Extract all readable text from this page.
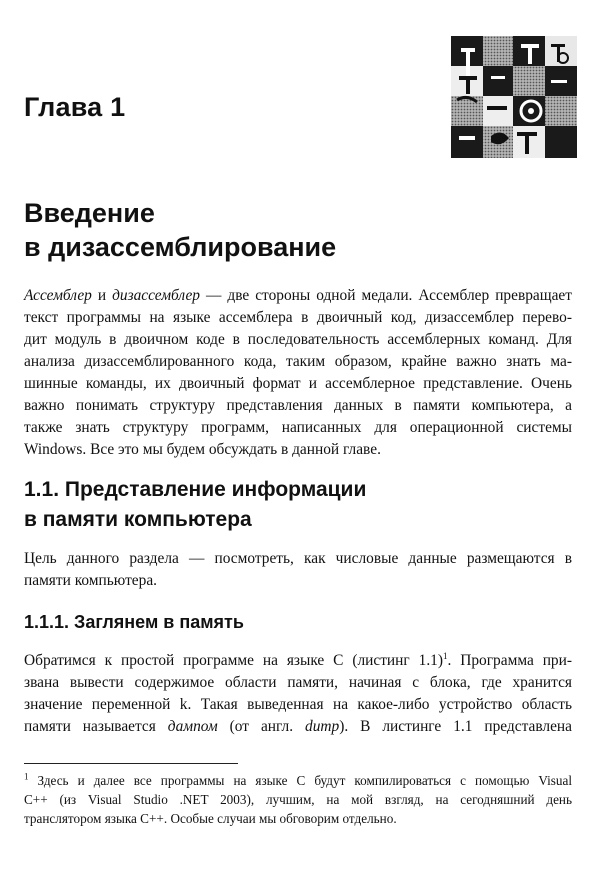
Глава 1
Введение
в дизассемблирование

Ассемблер и дизассемблер — две стороны одной медали. Ассемблер превращает
текст программы на языке ассемблера в двоичный код, дизассемблер перево-
дит модуль в двоичном коде в последовательность ассемблерных команд. Для
анализа дизассемблированного кода, таким образом, крайне важно знать ма-
шинные команды, их двоичный формат и ассемблерное представление. Очень
важно понимать структуру представления данных в памяти компьютера, а
также знать структуру программ, написанных для операционной системы
Windows. Все это мы будем обсуждать в данной главе.

1.1. Представление информации
в памяти компьютера

Цель данного раздела — посмотреть, как числовые данные размещаются в
памяти компьютера.

1.1.1. Заглянем в память

Обратимся к простой программе на языке С (листинг 1.1)$^1$. Программа при-
звана вывести содержимое области памяти, начиная с блока, где хранится
значение переменной k. Такая выведенная на какое-либо устройство область
памяти называется дампом (от англ. dump). В листинге 1.1 представлена

$^1$ Здесь и далее все программы на языке С будут компилироваться с помощью Visual
C++ (из Visual Studio .NET 2003), лучшим, на мой взгляд, на сегодняшний день
транслятором языка C++. Особые случаи мы обговорим отдельно.
